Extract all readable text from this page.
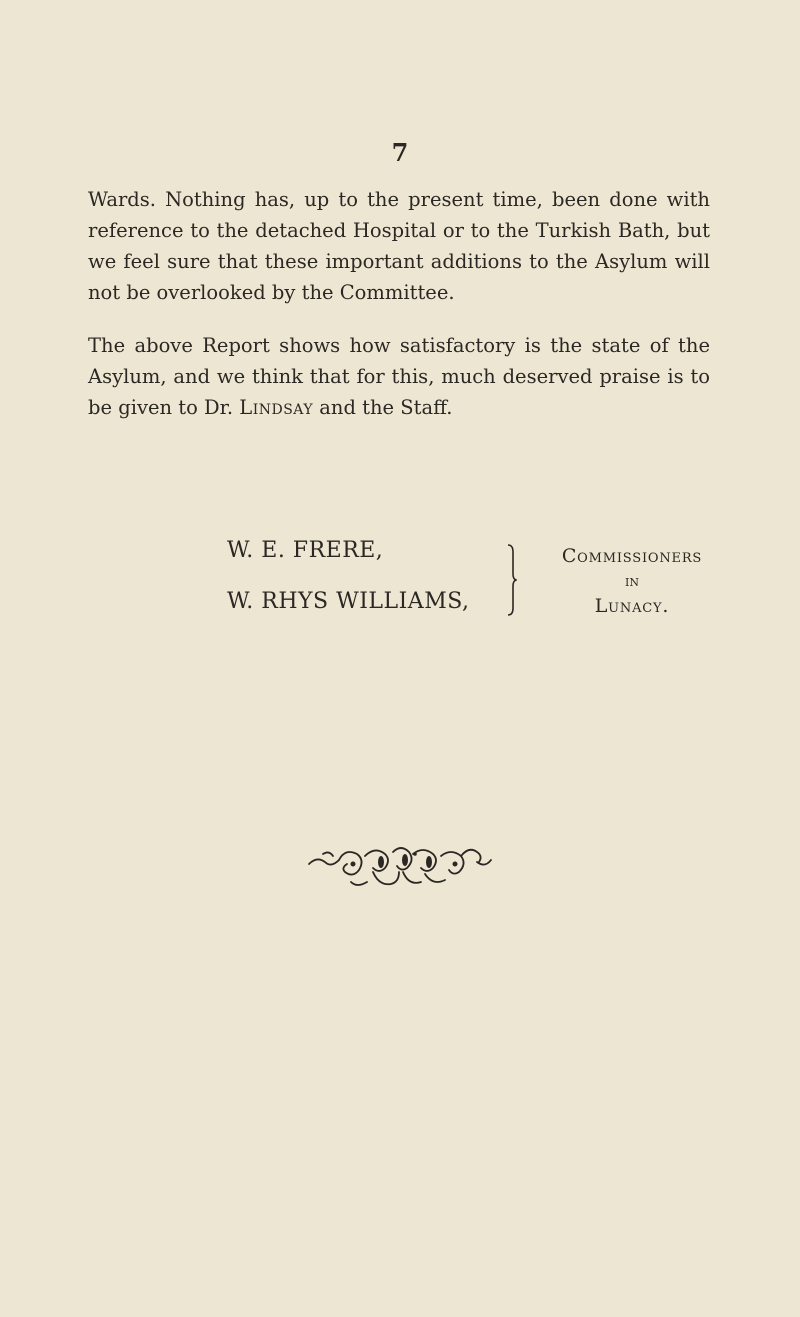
7

Wards. Nothing has, up to the present time, been done with reference to the detached Hospital or to the Turkish Bath, but we feel sure that these important additions to the Asylum will not be overlooked by the Committee.

The above Report shows how satisfactory is the state of the Asylum, and we think that for this, much deserved praise is to be given to Dr. Lindsay and the Staff.

W. E. FRERE,
W. RHYS WILLIAMS,
Commissioners
in
Lunacy.
